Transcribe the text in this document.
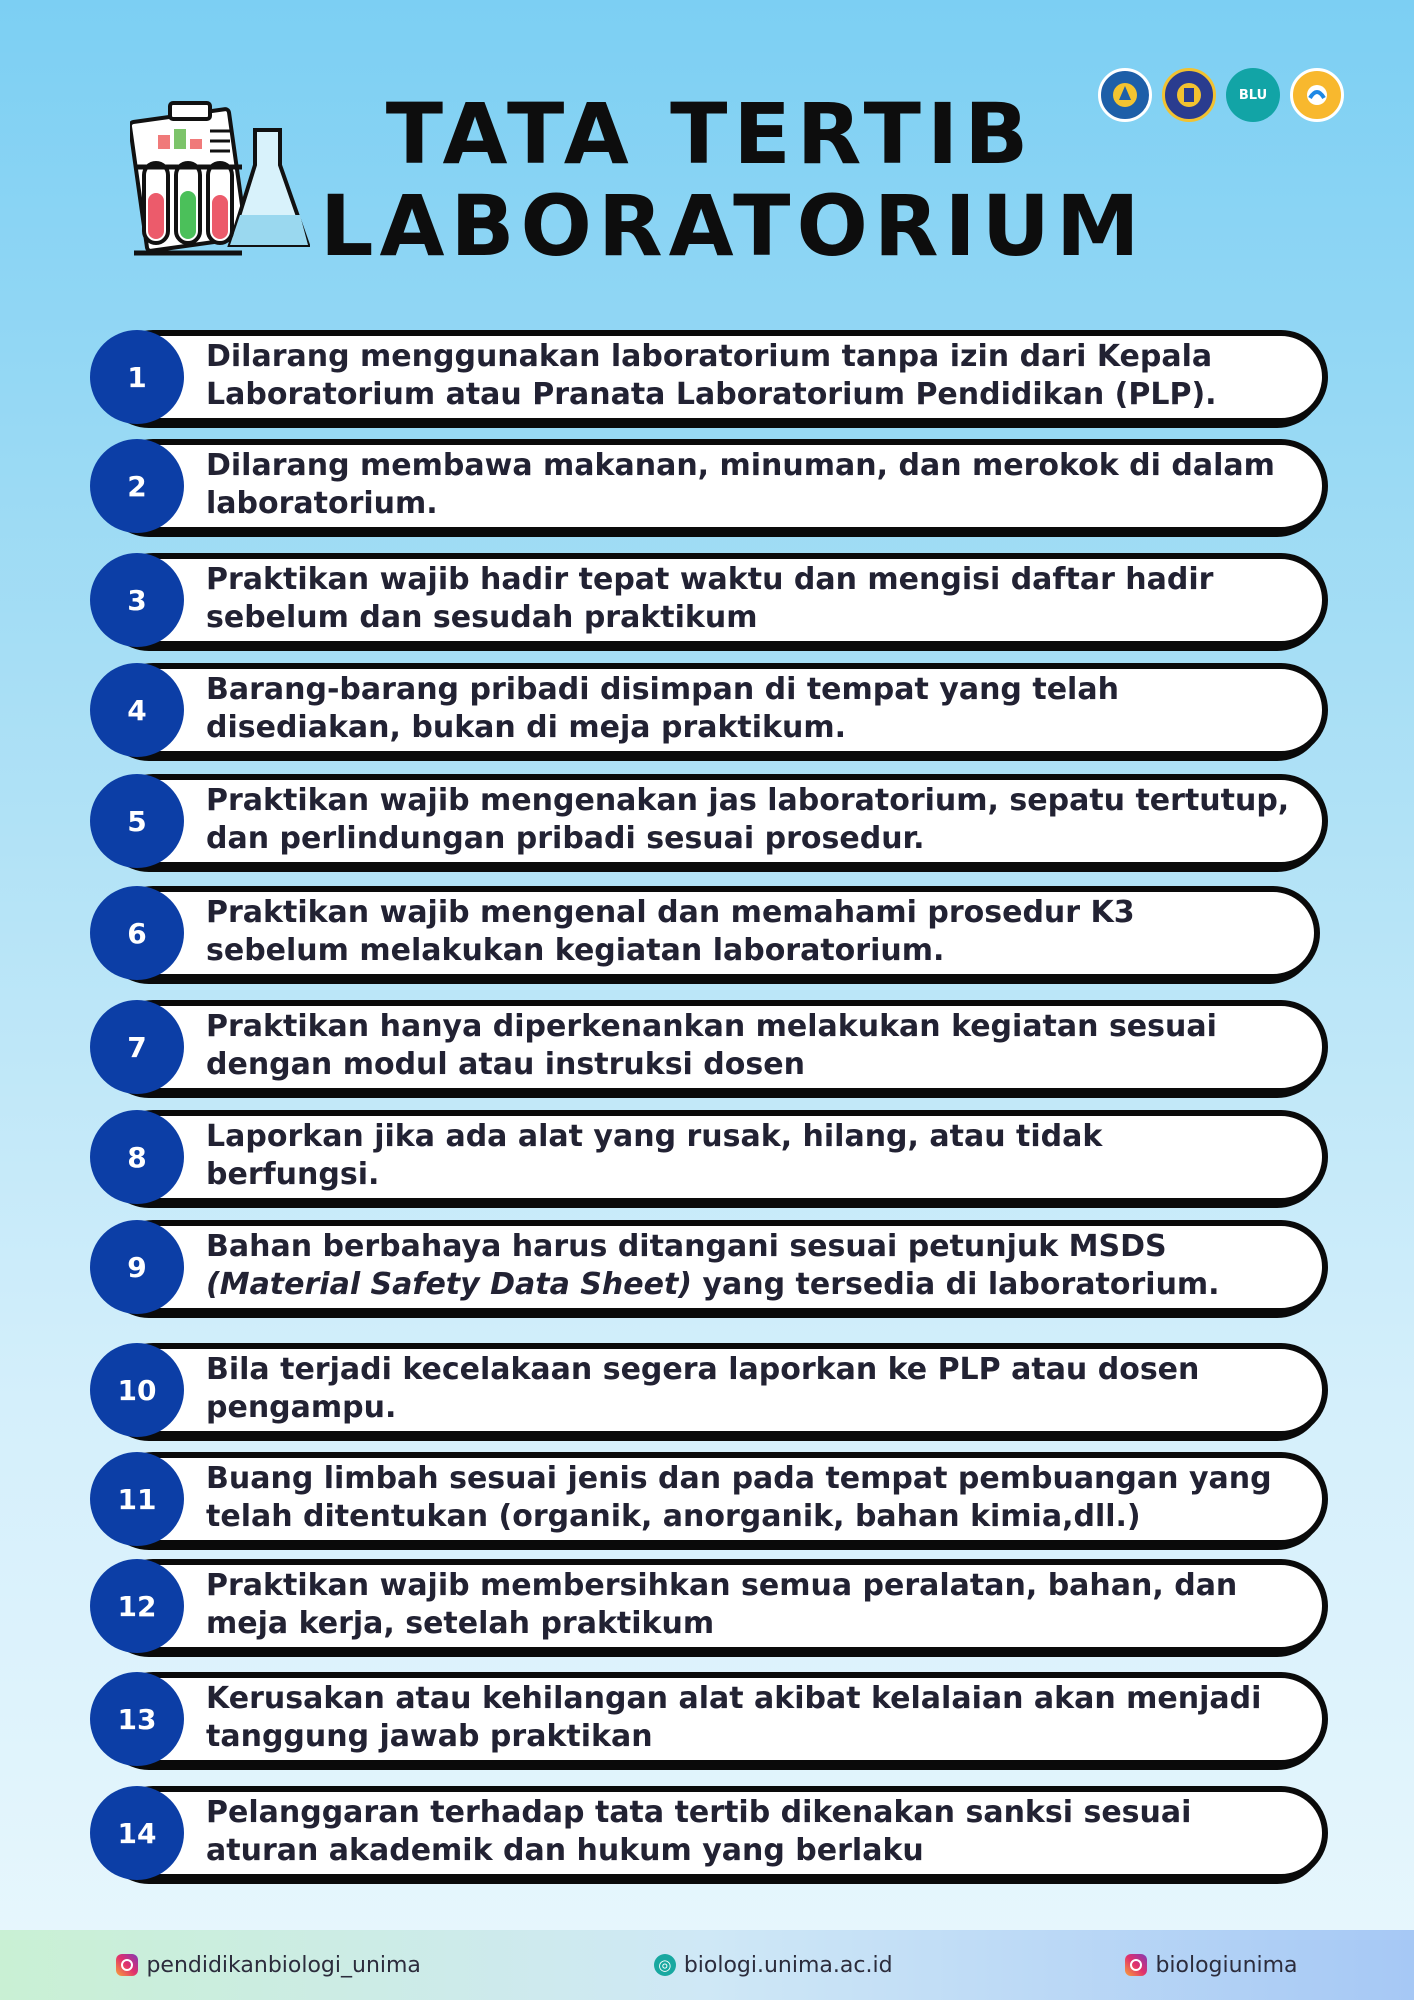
TATA TERTIB
LABORATORIUM
BLU
1
Dilarang menggunakan laboratorium tanpa izin dari Kepala
Laboratorium atau Pranata Laboratorium Pendidikan (PLP).
2
Dilarang membawa makanan, minuman, dan merokok di dalam
laboratorium.
3
Praktikan wajib hadir tepat waktu dan mengisi daftar hadir
sebelum dan sesudah praktikum
4
Barang-barang pribadi disimpan di tempat yang telah
disediakan, bukan di meja praktikum.
5
Praktikan wajib mengenakan jas laboratorium, sepatu tertutup,
dan perlindungan pribadi sesuai prosedur.
6
Praktikan wajib mengenal dan memahami prosedur K3
sebelum melakukan kegiatan laboratorium.
7
Praktikan hanya diperkenankan melakukan kegiatan sesuai
dengan modul atau instruksi dosen
8
Laporkan jika ada alat yang rusak, hilang, atau tidak
berfungsi.
9
Bahan berbahaya harus ditangani sesuai petunjuk MSDS
(Material Safety Data Sheet) yang tersedia di laboratorium.
10
Bila terjadi kecelakaan segera laporkan ke PLP atau dosen
pengampu.
11
Buang limbah sesuai jenis dan pada tempat pembuangan yang
telah ditentukan (organik, anorganik, bahan kimia,dll.)
12
Praktikan wajib membersihkan semua peralatan, bahan, dan
meja kerja, setelah praktikum
13
Kerusakan atau kehilangan alat akibat kelalaian akan menjadi
tanggung jawab praktikan
14
Pelanggaran terhadap tata tertib dikenakan sanksi sesuai
aturan akademik dan hukum yang berlaku
pendidikanbiologi_unima	◎ biologi.unima.ac.id	biologiunima
